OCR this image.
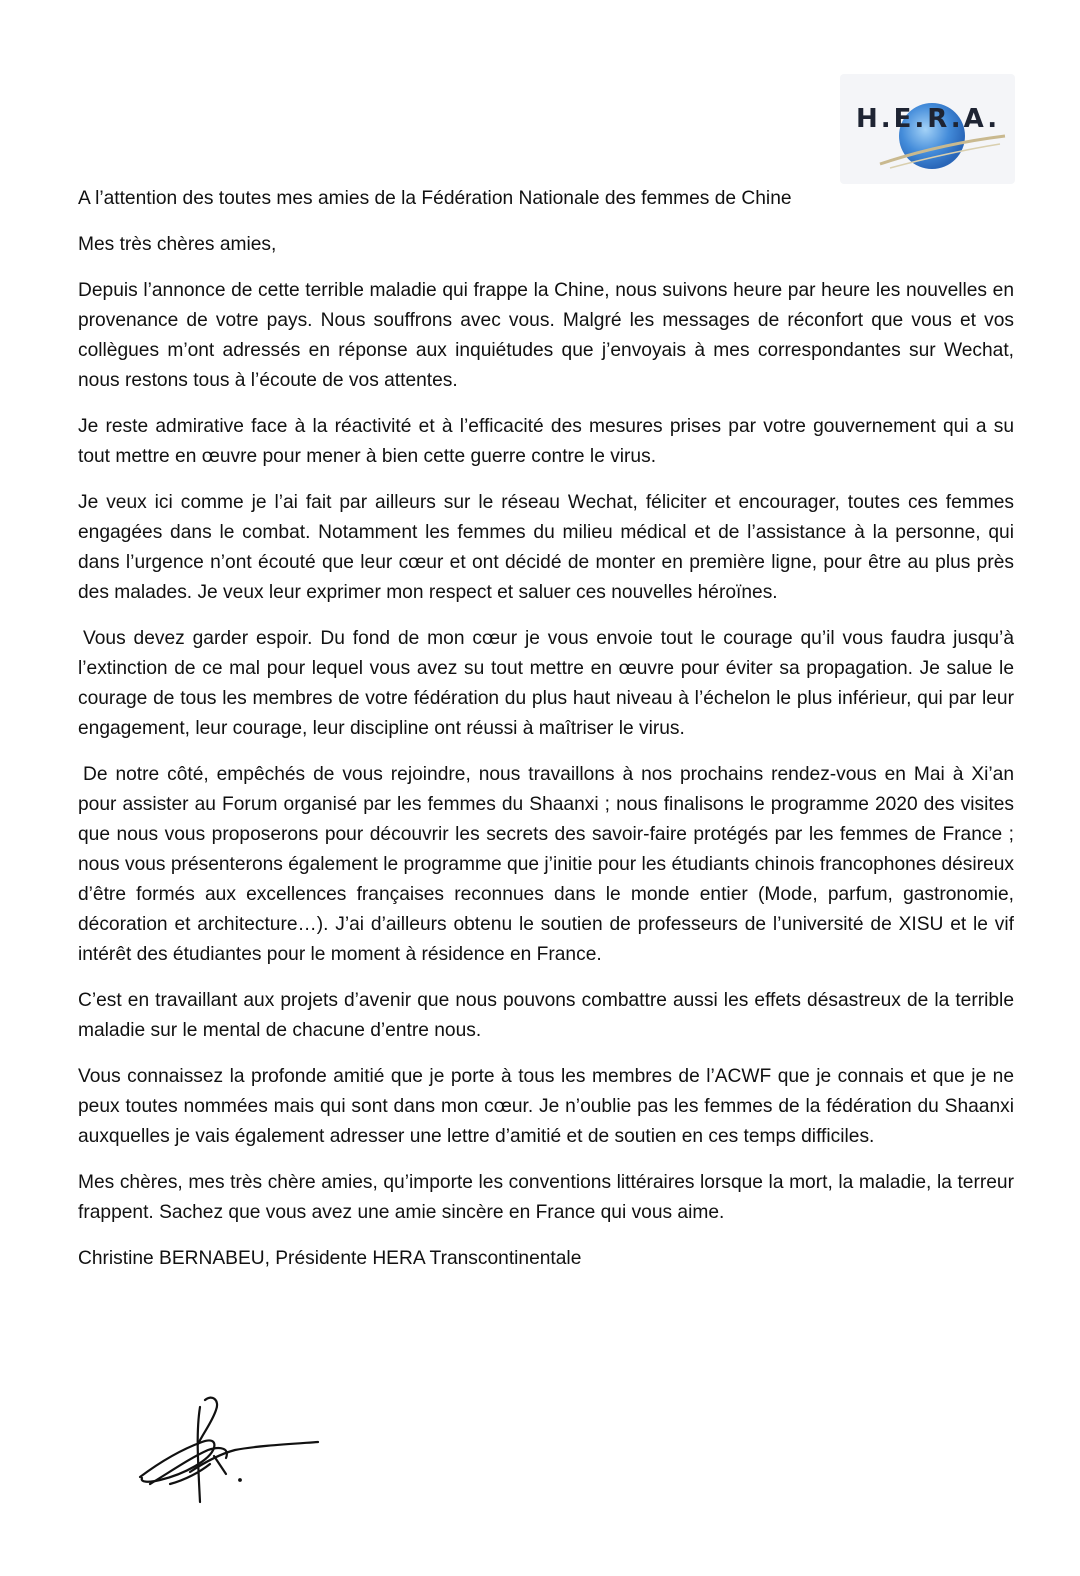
H.E.R.A.

A l’attention des toutes mes amies de la Fédération Nationale des femmes de Chine

Mes très chères amies,

Depuis l’annonce de cette terrible maladie qui frappe la Chine, nous suivons heure par heure les nouvelles en provenance de votre pays. Nous souffrons avec vous. Malgré les messages de réconfort que vous et vos collègues m’ont adressés en réponse aux inquiétudes que j’envoyais à mes correspondantes sur Wechat, nous restons tous à l’écoute de vos attentes.

Je reste admirative face à la réactivité et à l’efficacité des mesures prises par votre gouvernement qui a su tout mettre en œuvre pour mener à bien cette guerre contre le virus.

Je veux ici comme je l’ai fait par ailleurs sur le réseau Wechat, féliciter et encourager, toutes ces femmes engagées dans le combat. Notamment les femmes du milieu médical et de l’assistance à la personne, qui dans l’urgence n’ont écouté que leur cœur et ont décidé de monter en première ligne, pour être au plus près des malades. Je veux leur exprimer mon respect et saluer ces nouvelles héroïnes.

Vous devez garder espoir. Du fond de mon cœur je vous envoie tout le courage qu’il vous faudra jusqu’à l’extinction de ce mal pour lequel vous avez su tout mettre en œuvre pour éviter sa propagation. Je salue le courage de tous les membres de votre fédération du plus haut niveau à l’échelon le plus inférieur, qui par leur engagement, leur courage, leur discipline ont réussi à maîtriser le virus.

De notre côté, empêchés de vous rejoindre, nous travaillons à nos prochains rendez-vous en Mai à Xi’an pour assister au Forum organisé par les femmes du Shaanxi ; nous finalisons le programme 2020 des visites que nous vous proposerons pour découvrir les secrets des savoir-faire protégés par les femmes de France ; nous vous présenterons également le programme que j’initie pour les étudiants chinois francophones désireux d’être formés aux excellences françaises reconnues dans le monde entier (Mode, parfum, gastronomie, décoration et architecture…). J’ai d’ailleurs obtenu le soutien de professeurs de l’université de XISU et le vif intérêt des étudiantes pour le moment à résidence en France.

C’est en travaillant aux projets d’avenir que nous pouvons combattre aussi les effets désastreux de la terrible maladie sur le mental de chacune d’entre nous.

Vous connaissez la profonde amitié que je porte à tous les membres de l’ACWF que je connais et que je ne peux toutes nommées mais qui sont dans mon cœur. Je n’oublie pas les femmes de la fédération du Shaanxi auxquelles je vais également adresser une lettre d’amitié et de soutien en ces temps difficiles.

Mes chères, mes très chère amies, qu’importe les conventions littéraires lorsque la mort, la maladie, la terreur frappent. Sachez que vous avez une amie sincère en France qui vous aime.

Christine BERNABEU, Présidente HERA Transcontinentale
